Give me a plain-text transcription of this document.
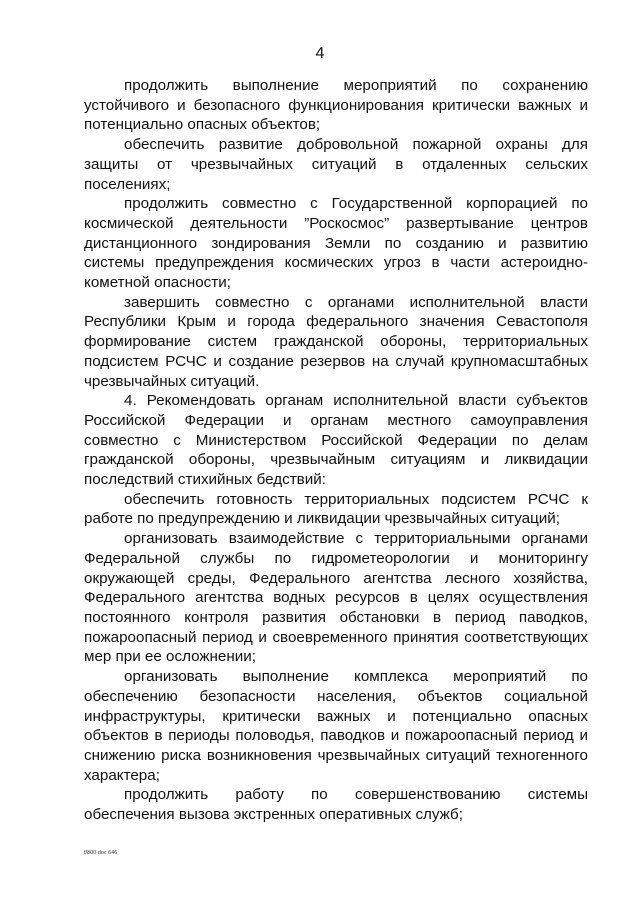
4

продолжить выполнение мероприятий по сохранению устойчивого и безопасного функционирования критически важных и потенциально опасных объектов;

обеспечить развитие добровольной пожарной охраны для защиты от чрезвычайных ситуаций в отдаленных сельских поселениях;

продолжить совместно с Государственной корпорацией по космической деятельности ”Роскосмос” развертывание центров дистанционного зондирования Земли по созданию и развитию системы предупреждения космических угроз в части астероидно-кометной опасности;

завершить совместно с органами исполнительной власти Республики Крым и города федерального значения Севастополя формирование систем гражданской обороны, территориальных подсистем РСЧС и создание резервов на случай крупномасштабных чрезвычайных ситуаций.

4. Рекомендовать органам исполнительной власти субъектов Российской Федерации и органам местного самоуправления совместно с Министерством Российской Федерации по делам гражданской обороны, чрезвычайным ситуациям и ликвидации последствий стихийных бедствий:

обеспечить готовность территориальных подсистем РСЧС к работе по предупреждению и ликвидации чрезвычайных ситуаций;

организовать взаимодействие с территориальными органами Федеральной службы по гидрометеорологии и мониторингу окружающей среды, Федерального агентства лесного хозяйства, Федерального агентства водных ресурсов в целях осуществления постоянного контроля развития обстановки в период паводков, пожароопасный период и своевременного принятия соответствующих мер при ее осложнении;

организовать выполнение комплекса мероприятий по обеспечению безопасности населения, объектов социальной инфраструктуры, критически важных и потенциально опасных объектов в периоды половодья, паводков и пожароопасный период и снижению риска возникновения чрезвычайных ситуаций техногенного характера;

продолжить работу по совершенствованию системы обеспечения вызова экстренных оперативных служб;

f/800 doc 646
